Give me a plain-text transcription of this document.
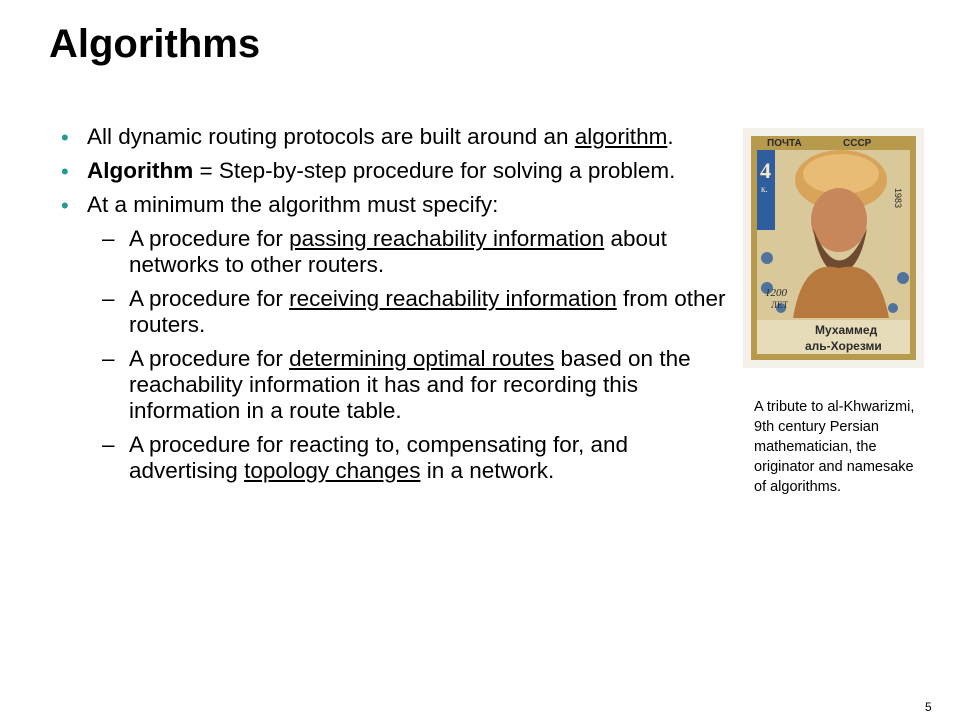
Algorithms
• All dynamic routing protocols are built around an algorithm.
• Algorithm = Step-by-step procedure for solving a problem.
• At a minimum the algorithm must specify:
– A procedure for passing reachability information about networks to other routers.
– A procedure for receiving reachability information from other routers.
– A procedure for determining optimal routes based on the reachability information it has and for recording this information in a route table.
– A procedure for reacting to, compensating for, and advertising topology changes in a network.
ПОЧТА	СССР
4
к.	1983
1200
ЛЕТ
Мухаммед
аль-Хорезми
A tribute to al-Khwarizmi, 9th century Persian mathematician, the originator and namesake of algorithms.
5
